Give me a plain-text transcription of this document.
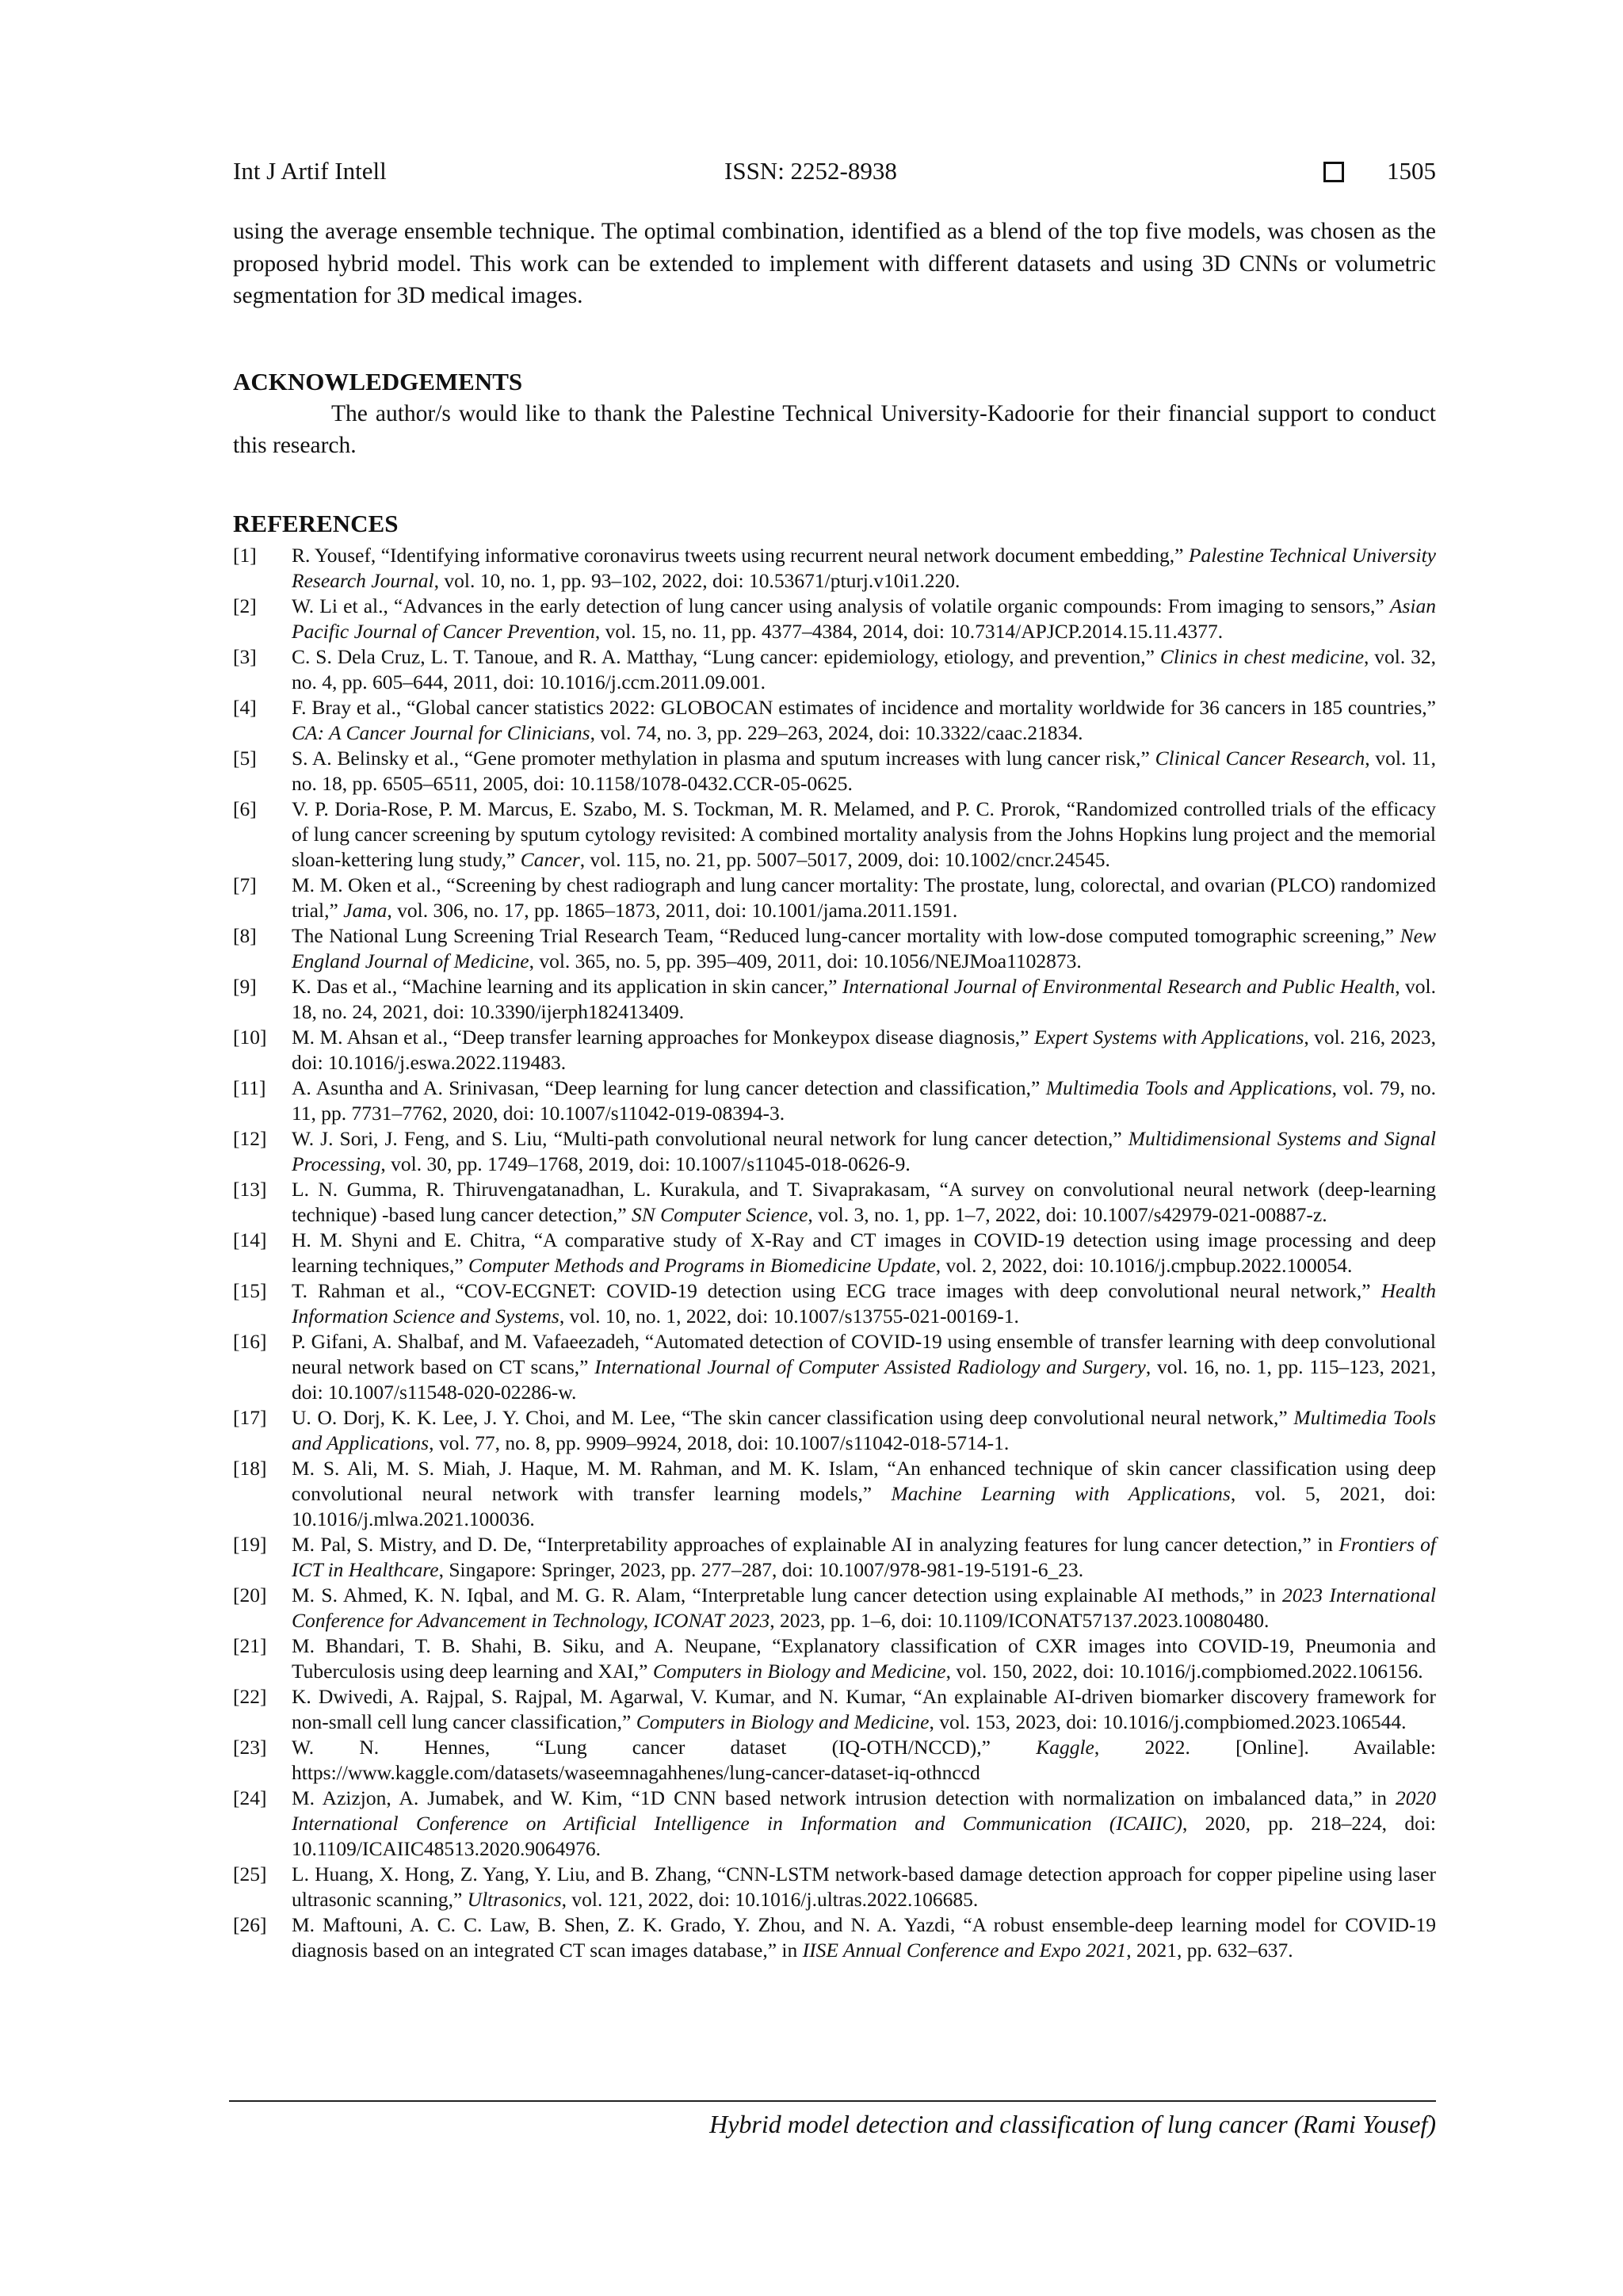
Int J Artif Intell	ISSN: 2252-8938	1505

using the average ensemble technique. The optimal combination, identified as a blend of the top five models, was chosen as the proposed hybrid model. This work can be extended to implement with different datasets and using 3D CNNs or volumetric segmentation for 3D medical images.

ACKNOWLEDGEMENTS

The author/s would like to thank the Palestine Technical University-Kadoorie for their financial support to conduct this research.

REFERENCES
[1] R. Yousef, “Identifying informative coronavirus tweets using recurrent neural network document embedding,” Palestine Technical University Research Journal, vol. 10, no. 1, pp. 93–102, 2022, doi: 10.53671/pturj.v10i1.220.
[2] W. Li et al., “Advances in the early detection of lung cancer using analysis of volatile organic compounds: From imaging to sensors,” Asian Pacific Journal of Cancer Prevention, vol. 15, no. 11, pp. 4377–4384, 2014, doi: 10.7314/APJCP.2014.15.11.4377.
[3] C. S. Dela Cruz, L. T. Tanoue, and R. A. Matthay, “Lung cancer: epidemiology, etiology, and prevention,” Clinics in chest medicine, vol. 32, no. 4, pp. 605–644, 2011, doi: 10.1016/j.ccm.2011.09.001.
[4] F. Bray et al., “Global cancer statistics 2022: GLOBOCAN estimates of incidence and mortality worldwide for 36 cancers in 185 countries,” CA: A Cancer Journal for Clinicians, vol. 74, no. 3, pp. 229–263, 2024, doi: 10.3322/caac.21834.
[5] S. A. Belinsky et al., “Gene promoter methylation in plasma and sputum increases with lung cancer risk,” Clinical Cancer Research, vol. 11, no. 18, pp. 6505–6511, 2005, doi: 10.1158/1078-0432.CCR-05-0625.
[6] V. P. Doria-Rose, P. M. Marcus, E. Szabo, M. S. Tockman, M. R. Melamed, and P. C. Prorok, “Randomized controlled trials of the efficacy of lung cancer screening by sputum cytology revisited: A combined mortality analysis from the Johns Hopkins lung project and the memorial sloan-kettering lung study,” Cancer, vol. 115, no. 21, pp. 5007–5017, 2009, doi: 10.1002/cncr.24545.
[7] M. M. Oken et al., “Screening by chest radiograph and lung cancer mortality: The prostate, lung, colorectal, and ovarian (PLCO) randomized trial,” Jama, vol. 306, no. 17, pp. 1865–1873, 2011, doi: 10.1001/jama.2011.1591.
[8] The National Lung Screening Trial Research Team, “Reduced lung-cancer mortality with low-dose computed tomographic screening,” New England Journal of Medicine, vol. 365, no. 5, pp. 395–409, 2011, doi: 10.1056/NEJMoa1102873.
[9] K. Das et al., “Machine learning and its application in skin cancer,” International Journal of Environmental Research and Public Health, vol. 18, no. 24, 2021, doi: 10.3390/ijerph182413409.
[10] M. M. Ahsan et al., “Deep transfer learning approaches for Monkeypox disease diagnosis,” Expert Systems with Applications, vol. 216, 2023, doi: 10.1016/j.eswa.2022.119483.
[11] A. Asuntha and A. Srinivasan, “Deep learning for lung cancer detection and classification,” Multimedia Tools and Applications, vol. 79, no. 11, pp. 7731–7762, 2020, doi: 10.1007/s11042-019-08394-3.
[12] W. J. Sori, J. Feng, and S. Liu, “Multi-path convolutional neural network for lung cancer detection,” Multidimensional Systems and Signal Processing, vol. 30, pp. 1749–1768, 2019, doi: 10.1007/s11045-018-0626-9.
[13] L. N. Gumma, R. Thiruvengatanadhan, L. Kurakula, and T. Sivaprakasam, “A survey on convolutional neural network (deep-learning technique) -based lung cancer detection,” SN Computer Science, vol. 3, no. 1, pp. 1–7, 2022, doi: 10.1007/s42979-021-00887-z.
[14] H. M. Shyni and E. Chitra, “A comparative study of X-Ray and CT images in COVID-19 detection using image processing and deep learning techniques,” Computer Methods and Programs in Biomedicine Update, vol. 2, 2022, doi: 10.1016/j.cmpbup.2022.100054.
[15] T. Rahman et al., “COV-ECGNET: COVID-19 detection using ECG trace images with deep convolutional neural network,” Health Information Science and Systems, vol. 10, no. 1, 2022, doi: 10.1007/s13755-021-00169-1.
[16] P. Gifani, A. Shalbaf, and M. Vafaeezadeh, “Automated detection of COVID-19 using ensemble of transfer learning with deep convolutional neural network based on CT scans,” International Journal of Computer Assisted Radiology and Surgery, vol. 16, no. 1, pp. 115–123, 2021, doi: 10.1007/s11548-020-02286-w.
[17] U. O. Dorj, K. K. Lee, J. Y. Choi, and M. Lee, “The skin cancer classification using deep convolutional neural network,” Multimedia Tools and Applications, vol. 77, no. 8, pp. 9909–9924, 2018, doi: 10.1007/s11042-018-5714-1.
[18] M. S. Ali, M. S. Miah, J. Haque, M. M. Rahman, and M. K. Islam, “An enhanced technique of skin cancer classification using deep convolutional neural network with transfer learning models,” Machine Learning with Applications, vol. 5, 2021, doi: 10.1016/j.mlwa.2021.100036.
[19] M. Pal, S. Mistry, and D. De, “Interpretability approaches of explainable AI in analyzing features for lung cancer detection,” in Frontiers of ICT in Healthcare, Singapore: Springer, 2023, pp. 277–287, doi: 10.1007/978-981-19-5191-6_23.
[20] M. S. Ahmed, K. N. Iqbal, and M. G. R. Alam, “Interpretable lung cancer detection using explainable AI methods,” in 2023 International Conference for Advancement in Technology, ICONAT 2023, 2023, pp. 1–6, doi: 10.1109/ICONAT57137.2023.10080480.
[21] M. Bhandari, T. B. Shahi, B. Siku, and A. Neupane, “Explanatory classification of CXR images into COVID-19, Pneumonia and Tuberculosis using deep learning and XAI,” Computers in Biology and Medicine, vol. 150, 2022, doi: 10.1016/j.compbiomed.2022.106156.
[22] K. Dwivedi, A. Rajpal, S. Rajpal, M. Agarwal, V. Kumar, and N. Kumar, “An explainable AI-driven biomarker discovery framework for non-small cell lung cancer classification,” Computers in Biology and Medicine, vol. 153, 2023, doi: 10.1016/j.compbiomed.2023.106544.
[23] W. N. Hennes, “Lung cancer dataset (IQ-OTH/NCCD),” Kaggle, 2022. [Online]. Available: https://www.kaggle.com/datasets/waseemnagahhenes/lung-cancer-dataset-iq-othnccd
[24] M. Azizjon, A. Jumabek, and W. Kim, “1D CNN based network intrusion detection with normalization on imbalanced data,” in 2020 International Conference on Artificial Intelligence in Information and Communication (ICAIIC), 2020, pp. 218–224, doi: 10.1109/ICAIIC48513.2020.9064976.
[25] L. Huang, X. Hong, Z. Yang, Y. Liu, and B. Zhang, “CNN-LSTM network-based damage detection approach for copper pipeline using laser ultrasonic scanning,” Ultrasonics, vol. 121, 2022, doi: 10.1016/j.ultras.2022.106685.
[26] M. Maftouni, A. C. C. Law, B. Shen, Z. K. Grado, Y. Zhou, and N. A. Yazdi, “A robust ensemble-deep learning model for COVID-19 diagnosis based on an integrated CT scan images database,” in IISE Annual Conference and Expo 2021, 2021, pp. 632–637.
Hybrid model detection and classification of lung cancer (Rami Yousef)
